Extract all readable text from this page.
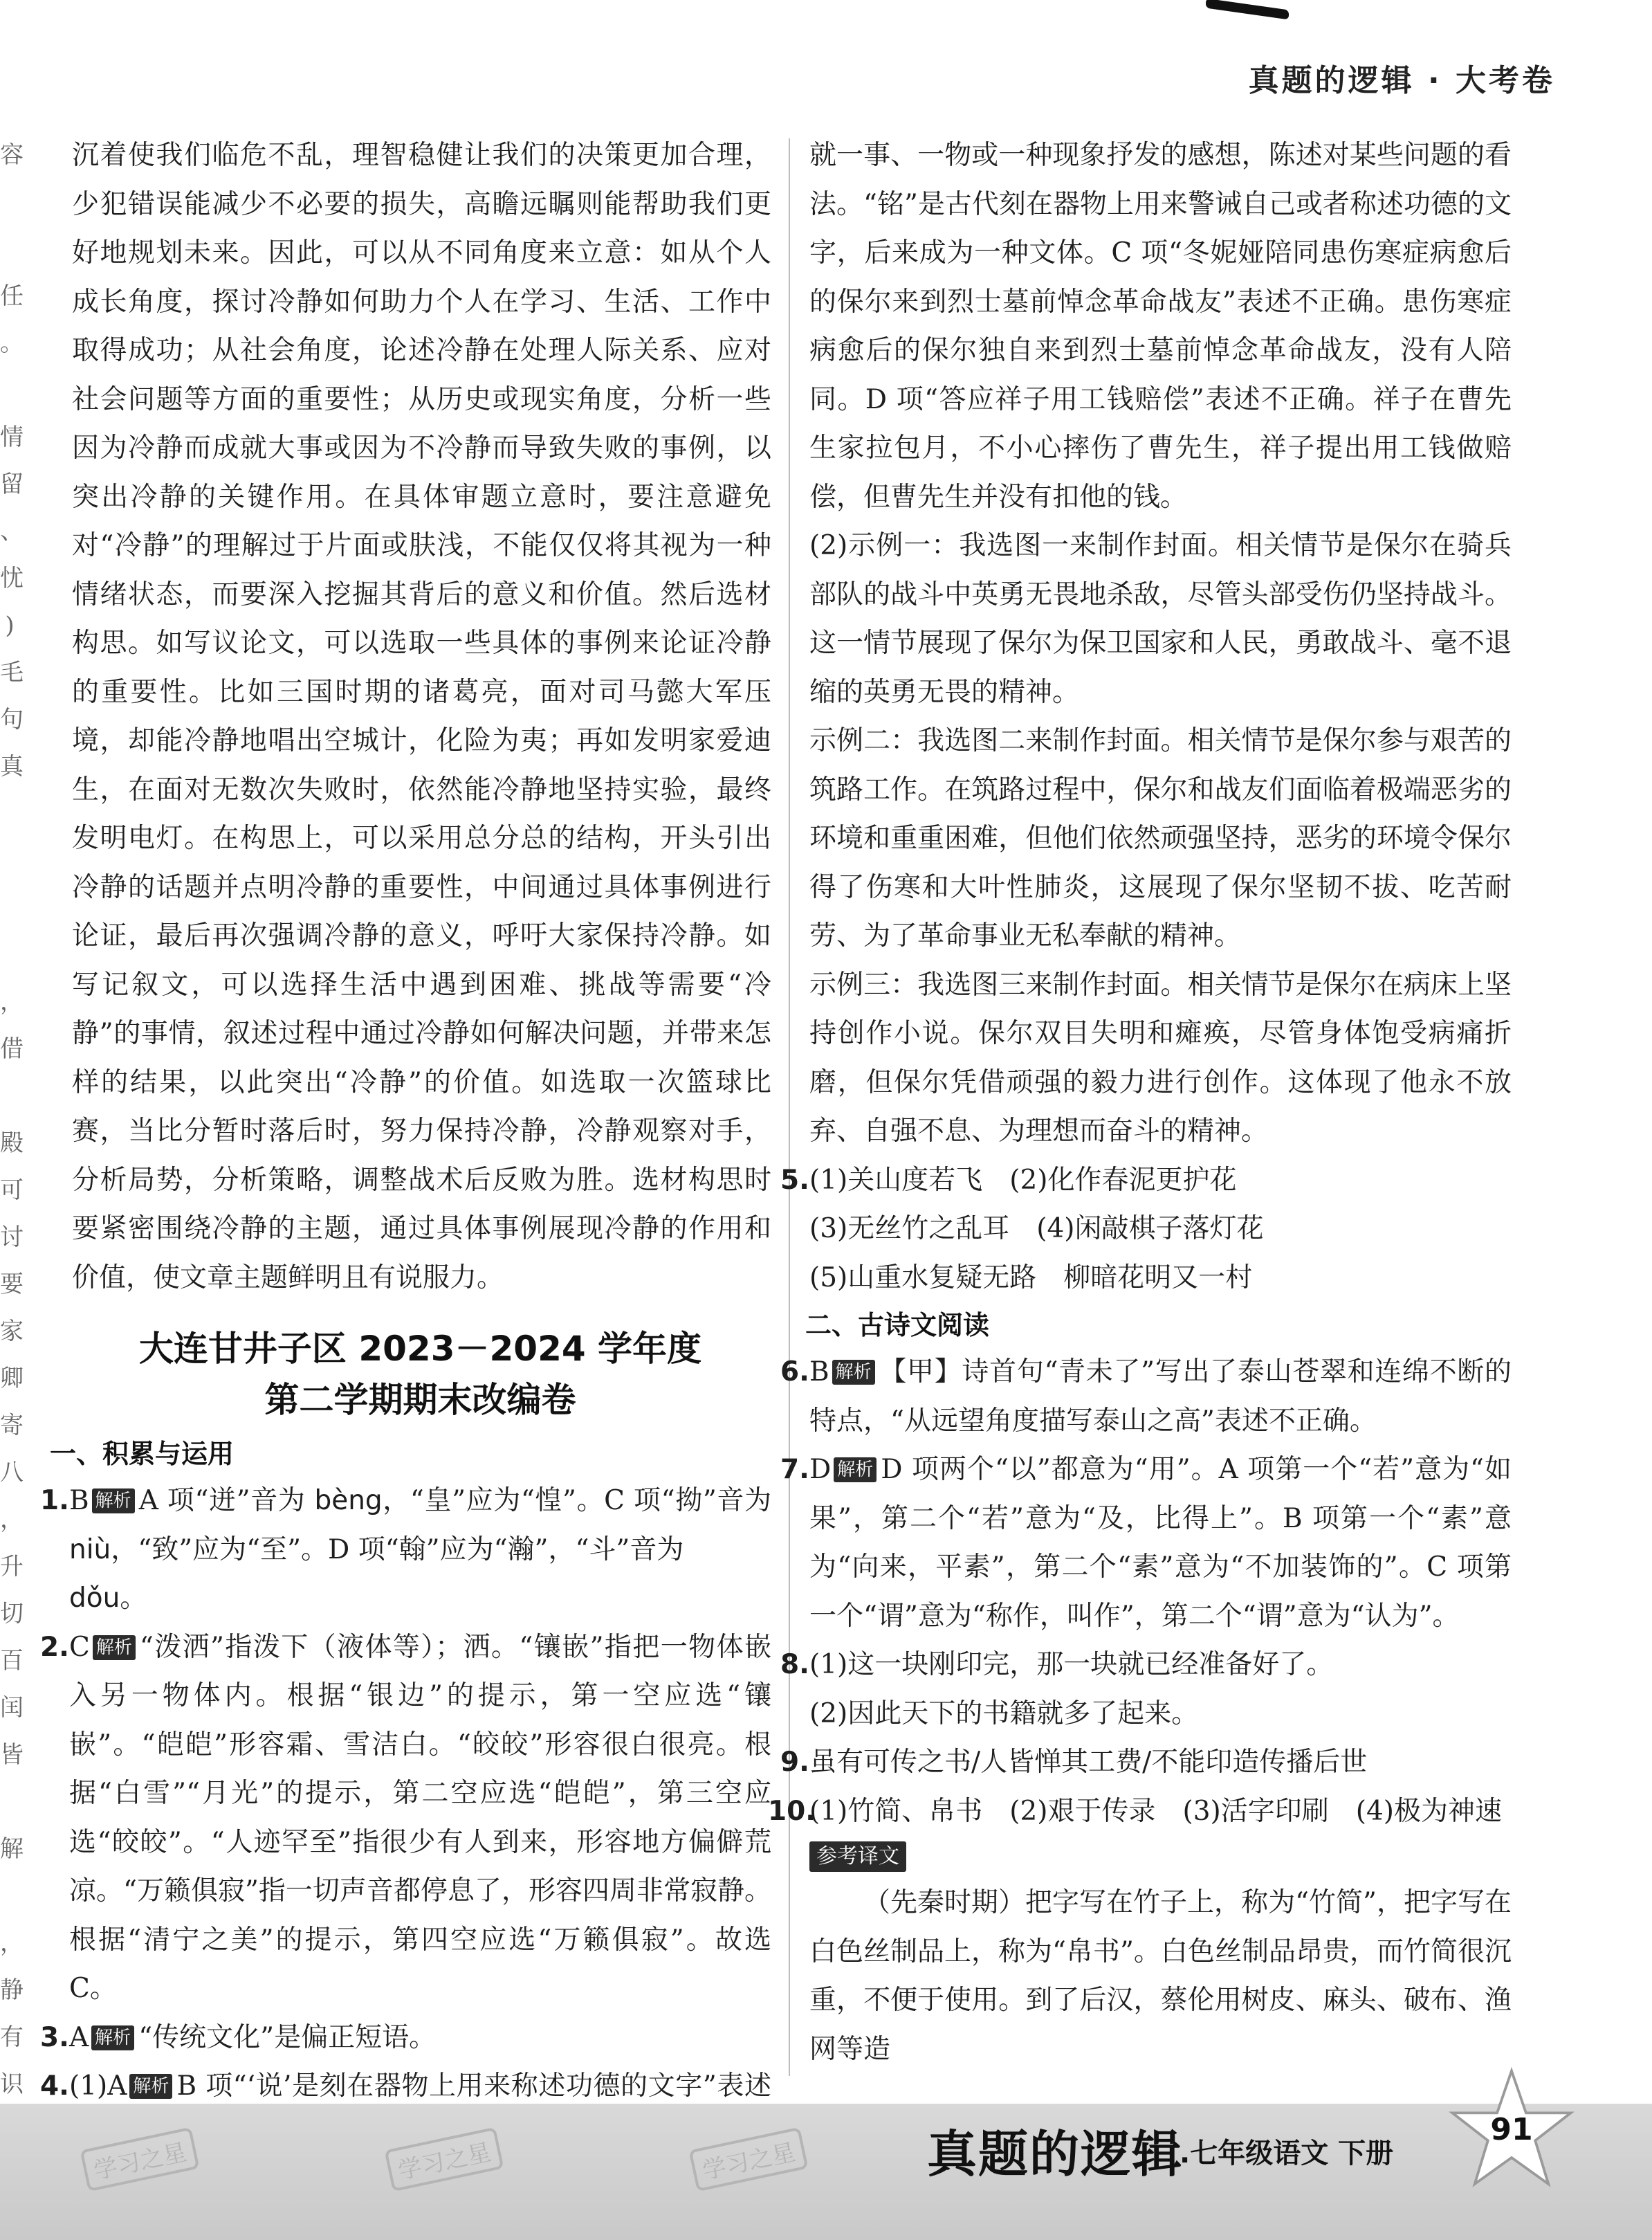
真题的逻辑 · 大考卷
容

任
。

情
留
、
忧
)
毛
句
真

，
借

殿
可
讨
要
家
卿
寄
八
，
升
切
百
闰
皆

解

，
静
有
识

沉着使我们临危不乱，理智稳健让我们的决策更加合理，少犯错误能减少不必要的损失，高瞻远瞩则能帮助我们更好地规划未来。因此，可以从不同角度来立意：如从个人成长角度，探讨冷静如何助力个人在学习、生活、工作中取得成功；从社会角度，论述冷静在处理人际关系、应对社会问题等方面的重要性；从历史或现实角度，分析一些因为冷静而成就大事或因为不冷静而导致失败的事例，以突出冷静的关键作用。在具体审题立意时，要注意避免对“冷静”的理解过于片面或肤浅，不能仅仅将其视为一种情绪状态，而要深入挖掘其背后的意义和价值。然后选材构思。如写议论文，可以选取一些具体的事例来论证冷静的重要性。比如三国时期的诸葛亮，面对司马懿大军压境，却能冷静地唱出空城计，化险为夷；再如发明家爱迪生，在面对无数次失败时，依然能冷静地坚持实验，最终发明电灯。在构思上，可以采用总分总的结构，开头引出冷静的话题并点明冷静的重要性，中间通过具体事例进行论证，最后再次强调冷静的意义，呼吁大家保持冷静。如写记叙文，可以选择生活中遇到困难、挑战等需要“冷静”的事情，叙述过程中通过冷静如何解决问题，并带来怎样的结果，以此突出“冷静”的价值。如选取一次篮球比赛，当比分暂时落后时，努力保持冷静，冷静观察对手，分析局势，分析策略，调整战术后反败为胜。选材构思时要紧密围绕冷静的主题，通过具体事例展现冷静的作用和价值，使文章主题鲜明且有说服力。

大连甘井子区 2023－2024 学年度
第二学期期末改编卷
一、积累与运用
1. B 解析 A 项“迸”音为 bèng，“皇”应为“惶”。C 项“拗”音为 niù，“致”应为“至”。D 项“翰”应为“瀚”，“斗”音为
dǒu。
2. C 解析 “泼洒”指泼下（液体等）；洒。“镶嵌”指把一物体嵌入另一物体内。根据“银边”的提示，第一空应选“镶嵌”。“皑皑”形容霜、雪洁白。“皎皎”形容很白很亮。根据“白雪”“月光”的提示，第二空应选“皑皑”，第三空应选“皎皎”。“人迹罕至”指很少有人到来，形容地方偏僻荒凉。“万籁俱寂”指一切声音都停息了，形容四周非常寂静。根据“清宁之美”的提示，第四空应选“万籁俱寂”。故选 C。
3. A 解析 “传统文化”是偏正短语。
4. (1)A 解析 B 项“‘说’是刻在器物上用来称述功德的文字”表述

就一事、一物或一种现象抒发的感想，陈述对某些问题的看法。“铭”是古代刻在器物上用来警诫自己或者称述功德的文字，后来成为一种文体。C 项“冬妮娅陪同患伤寒症病愈后的保尔来到烈士墓前悼念革命战友”表述不正确。患伤寒症病愈后的保尔独自来到烈士墓前悼念革命战友，没有人陪同。D 项“答应祥子用工钱赔偿”表述不正确。祥子在曹先生家拉包月，不小心摔伤了曹先生，祥子提出用工钱做赔偿，但曹先生并没有扣他的钱。

(2)示例一：我选图一来制作封面。相关情节是保尔在骑兵部队的战斗中英勇无畏地杀敌，尽管头部受伤仍坚持战斗。这一情节展现了保尔为保卫国家和人民，勇敢战斗、毫不退缩的英勇无畏的精神。

示例二：我选图二来制作封面。相关情节是保尔参与艰苦的筑路工作。在筑路过程中，保尔和战友们面临着极端恶劣的环境和重重困难，但他们依然顽强坚持，恶劣的环境令保尔得了伤寒和大叶性肺炎，这展现了保尔坚韧不拔、吃苦耐劳、为了革命事业无私奉献的精神。

示例三：我选图三来制作封面。相关情节是保尔在病床上坚持创作小说。保尔双目失明和瘫痪，尽管身体饱受病痛折磨，但保尔凭借顽强的毅力进行创作。这体现了他永不放弃、自强不息、为理想而奋斗的精神。

5. (1)关山度若飞　(2)化作春泥更护花
(3)无丝竹之乱耳　(4)闲敲棋子落灯花
(5)山重水复疑无路　柳暗花明又一村
二、古诗文阅读
6. B 解析 【甲】诗首句“青未了”写出了泰山苍翠和连绵不断的特点，“从远望角度描写泰山之高”表述不正确。
7. D 解析 D 项两个“以”都意为“用”。A 项第一个“若”意为“如果”，第二个“若”意为“及，比得上”。B 项第一个“素”意为“向来，平素”，第二个“素”意为“不加装饰的”。C 项第一个“谓”意为“称作，叫作”，第二个“谓”意为“认为”。
8. (1)这一块刚印完，那一块就已经准备好了。
(2)因此天下的书籍就多了起来。
9. 虽有可传之书/人皆惮其工费/不能印造传播后世
10.
(1)竹简、帛书　(2)艰于传录　(3)活字印刷　(4)极为神速
参考译文

（先秦时期）把字写在竹子上，称为“竹简”，把字写在白色丝制品上，称为“帛书”。白色丝制品昂贵，而竹简很沉重，不便于使用。到了后汉，蔡伦用树皮、麻头、破布、渔网等造

学习之星	学习之星	学习之星	真题的逻辑
.七年级语文 下册
91
